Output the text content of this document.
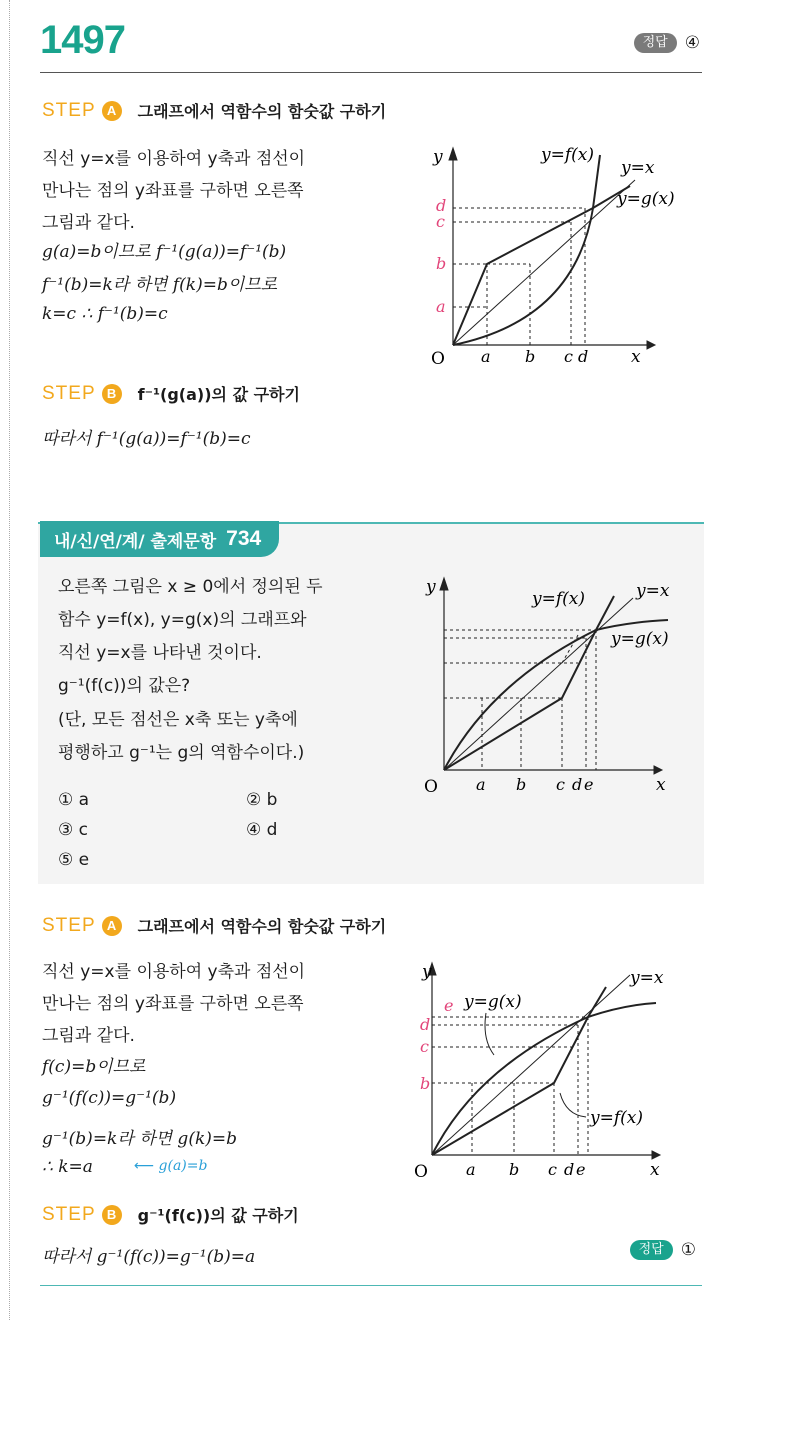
1497	정답	④
STEP A	그래프에서 역함수의 함숫값 구하기
직선 y=x를 이용하여 y축과 점선이
만나는 점의 y좌표를 구하면 오른쪽
그림과 같다.
g(a)=b이므로 f⁻¹(g(a))=f⁻¹(b)
f⁻¹(b)=k라 하면 f(k)=b이므로
k=c ∴ f⁻¹(b)=c
y
x
O a b c d
a
b
c
d
y=f(x)
y=x
y=g(x)
STEP B	f⁻¹(g(a))의 값 구하기
따라서 f⁻¹(g(a))=f⁻¹(b)=c
내/신/연/계/ 출제문항 734
오른쪽 그림은 x ≥ 0에서 정의된 두
함수 y=f(x), y=g(x)의 그래프와
직선 y=x를 나타낸 것이다.
g⁻¹(f(c))의 값은?
(단, 모든 점선은 x축 또는 y축에
평행하고 g⁻¹는 g의 역함수이다.)
① a	② b
③ c	④ d
⑤ e
y
x
O a b c d e
y=f(x)	y=x
y=g(x)
STEP A	그래프에서 역함수의 함숫값 구하기
직선 y=x를 이용하여 y축과 점선이
만나는 점의 y좌표를 구하면 오른쪽
그림과 같다.
f(c)=b이므로
g⁻¹(f(c))=g⁻¹(b)
g⁻¹(b)=k라 하면 g(k)=b
∴ k=a	⟵ g(a)=b
y
x
O a b c d e
e
d
c
b
y=g(x)
y=x
y=f(x)
STEP B	g⁻¹(f(c))의 값 구하기
따라서 g⁻¹(f(c))=g⁻¹(b)=a	정답	①
